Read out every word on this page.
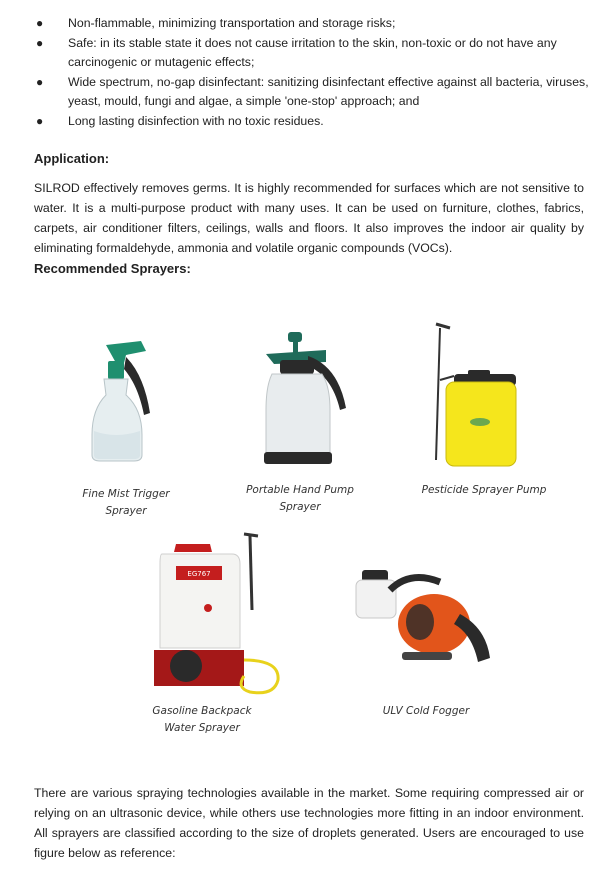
● Non-flammable, minimizing transportation and storage risks;
● Safe: in its stable state it does not cause irritation to the skin, non-toxic or do not have any carcinogenic or mutagenic effects;
● Wide spectrum, no-gap disinfectant: sanitizing disinfectant effective against all bacteria, viruses, yeast, mould, fungi and algae, a simple 'one-stop' approach; and
● Long lasting disinfection with no toxic residues.
Application:

SILROD effectively removes germs. It is highly recommended for surfaces which are not sensitive to water. It is a multi-purpose product with many uses. It can be used on furniture, clothes, fabrics, carpets, air conditioner filters, ceilings, walls and floors. It also improves the indoor air quality by eliminating formaldehyde, ammonia and volatile organic compounds (VOCs).

Recommended Sprayers:
Fine Mist Trigger
Sprayer
Portable Hand Pump
Sprayer
Pesticide Sprayer Pump
EG767
Gasoline Backpack
Water Sprayer
ULV Cold Fogger

There are various spraying technologies available in the market. Some requiring compressed air or relying on an ultrasonic device, while others use technologies more fitting in an indoor environment. All sprayers are classified according to the size of droplets generated. Users are encouraged to use figure below as reference:
